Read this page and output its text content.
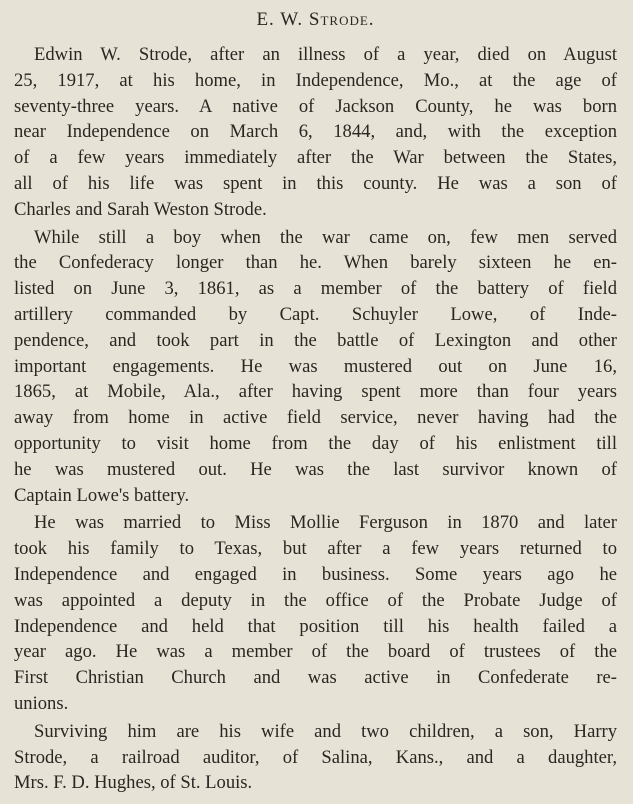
E. W. Strode.

Edwin W. Strode, after an illness of a year, died on August
25, 1917, at his home, in Independence, Mo., at the age of
seventy-three years. A native of Jackson County, he was born
near Independence on March 6, 1844, and, with the exception
of a few years immediately after the War between the States,
all of his life was spent in this county. He was a son of
Charles and Sarah Weston Strode.

While still a boy when the war came on, few men served
the Confederacy longer than he. When barely sixteen he en-
listed on June 3, 1861, as a member of the battery of field
artillery commanded by Capt. Schuyler Lowe, of Inde-
pendence, and took part in the battle of Lexington and other
important engagements. He was mustered out on June 16,
1865, at Mobile, Ala., after having spent more than four years
away from home in active field service, never having had the
opportunity to visit home from the day of his enlistment till
he was mustered out. He was the last survivor known of
Captain Lowe's battery.

He was married to Miss Mollie Ferguson in 1870 and later
took his family to Texas, but after a few years returned to
Independence and engaged in business. Some years ago he
was appointed a deputy in the office of the Probate Judge of
Independence and held that position till his health failed a
year ago. He was a member of the board of trustees of the
First Christian Church and was active in Confederate re-
unions.

Surviving him are his wife and two children, a son, Harry
Strode, a railroad auditor, of Salina, Kans., and a daughter,
Mrs. F. D. Hughes, of St. Louis.
